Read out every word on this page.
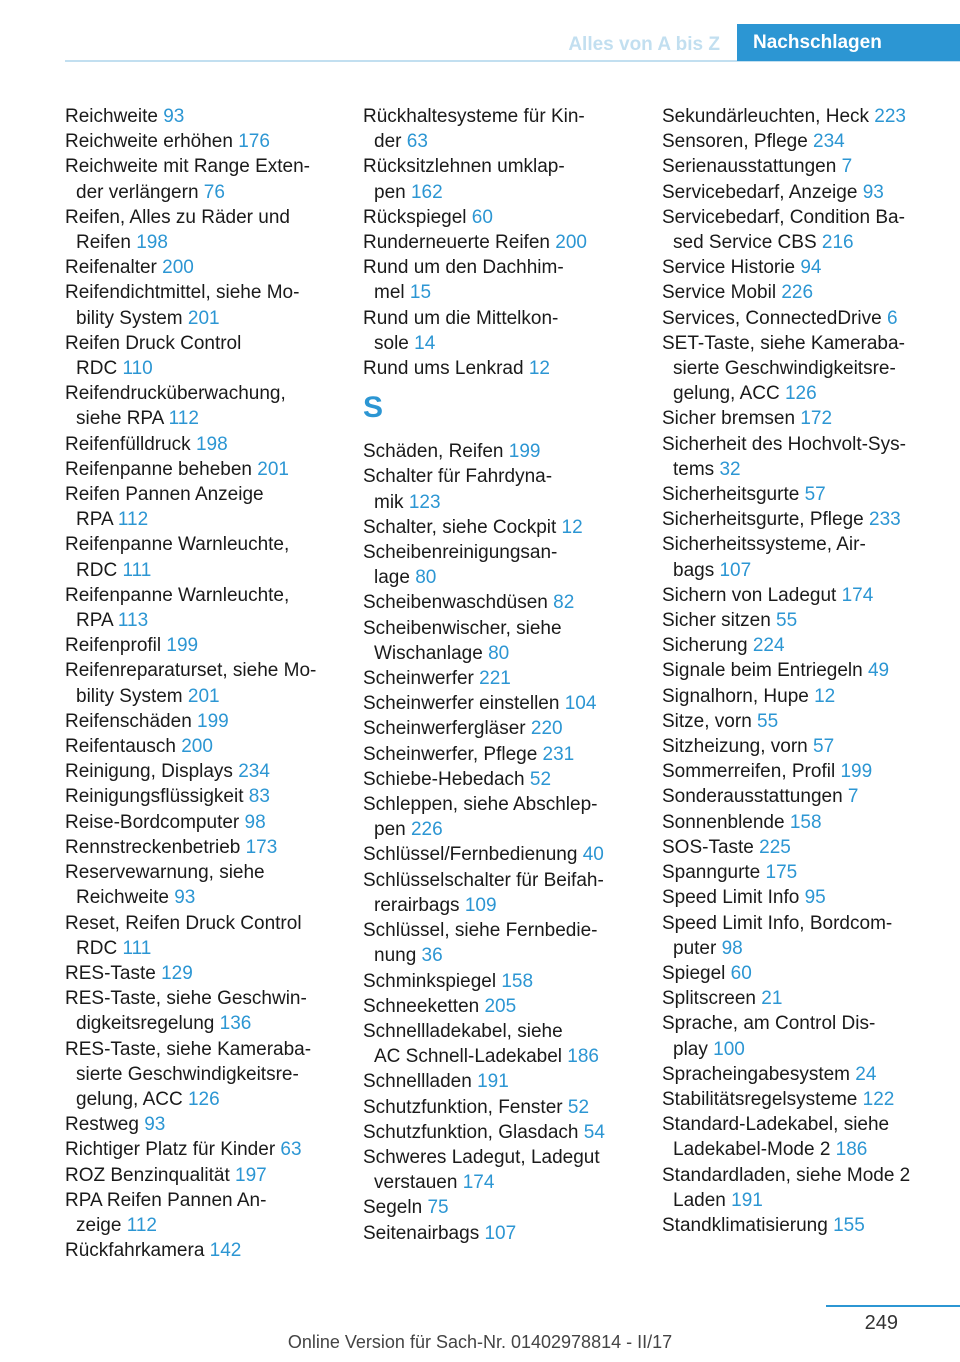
Alles von A bis Z	Nachschlagen
Reichweite 93
Reichweite erhöhen 176
Reichweite mit Range Exten-
der verlängern 76
Reifen, Alles zu Räder und
Reifen 198
Reifenalter 200
Reifendichtmittel, siehe Mo-
bility System 201
Reifen Druck Control
RDC 110
Reifendrucküberwachung,
siehe RPA 112
Reifenfülldruck 198
Reifenpanne beheben 201
Reifen Pannen Anzeige
RPA 112
Reifenpanne Warnleuchte,
RDC 111
Reifenpanne Warnleuchte,
RPA 113
Reifenprofil 199
Reifenreparaturset, siehe Mo-
bility System 201
Reifenschäden 199
Reifentausch 200
Reinigung, Displays 234
Reinigungsflüssigkeit 83
Reise-Bordcomputer 98
Rennstreckenbetrieb 173
Reservewarnung, siehe
Reichweite 93
Reset, Reifen Druck Control
RDC 111
RES-Taste 129
RES-Taste, siehe Geschwin-
digkeitsregelung 136
RES-Taste, siehe Kameraba-
sierte Geschwindigkeitsre-
gelung, ACC 126
Restweg 93
Richtiger Platz für Kinder 63
ROZ Benzinqualität 197
RPA Reifen Pannen An-
zeige 112
Rückfahrkamera 142
Rückhaltesysteme für Kin-
der 63
Rücksitzlehnen umklap-
pen 162
Rückspiegel 60
Runderneuerte Reifen 200
Rund um den Dachhim-
mel 15
Rund um die Mittelkon-
sole 14
Rund ums Lenkrad 12
S
Schäden, Reifen 199
Schalter für Fahrdyna-
mik 123
Schalter, siehe Cockpit 12
Scheibenreinigungsan-
lage 80
Scheibenwaschdüsen 82
Scheibenwischer, siehe
Wischanlage 80
Scheinwerfer 221
Scheinwerfer einstellen 104
Scheinwerfergläser 220
Scheinwerfer, Pflege 231
Schiebe-Hebedach 52
Schleppen, siehe Abschlep-
pen 226
Schlüssel/Fernbedienung 40
Schlüsselschalter für Beifah-
rerairbags 109
Schlüssel, siehe Fernbedie-
nung 36
Schminkspiegel 158
Schneeketten 205
Schnellladekabel, siehe
AC Schnell-Ladekabel 186
Schnellladen 191
Schutzfunktion, Fenster 52
Schutzfunktion, Glasdach 54
Schweres Ladegut, Ladegut
verstauen 174
Segeln 75
Seitenairbags 107
Sekundärleuchten, Heck 223
Sensoren, Pflege 234
Serienausstattungen 7
Servicebedarf, Anzeige 93
Servicebedarf, Condition Ba-
sed Service CBS 216
Service Historie 94
Service Mobil 226
Services, ConnectedDrive 6
SET-Taste, siehe Kameraba-
sierte Geschwindigkeitsre-
gelung, ACC 126
Sicher bremsen 172
Sicherheit des Hochvolt-Sys-
tems 32
Sicherheitsgurte 57
Sicherheitsgurte, Pflege 233
Sicherheitssysteme, Air-
bags 107
Sichern von Ladegut 174
Sicher sitzen 55
Sicherung 224
Signale beim Entriegeln 49
Signalhorn, Hupe 12
Sitze, vorn 55
Sitzheizung, vorn 57
Sommerreifen, Profil 199
Sonderausstattungen 7
Sonnenblende 158
SOS-Taste 225
Spanngurte 175
Speed Limit Info 95
Speed Limit Info, Bordcom-
puter 98
Spiegel 60
Splitscreen 21
Sprache, am Control Dis-
play 100
Spracheingabesystem 24
Stabilitätsregelsysteme 122
Standard-Ladekabel, siehe
Ladekabel-Mode 2 186
Standardladen, siehe Mode 2
Laden 191
Standklimatisierung 155
249
Online Version für Sach-Nr. 01402978814 - II/17
